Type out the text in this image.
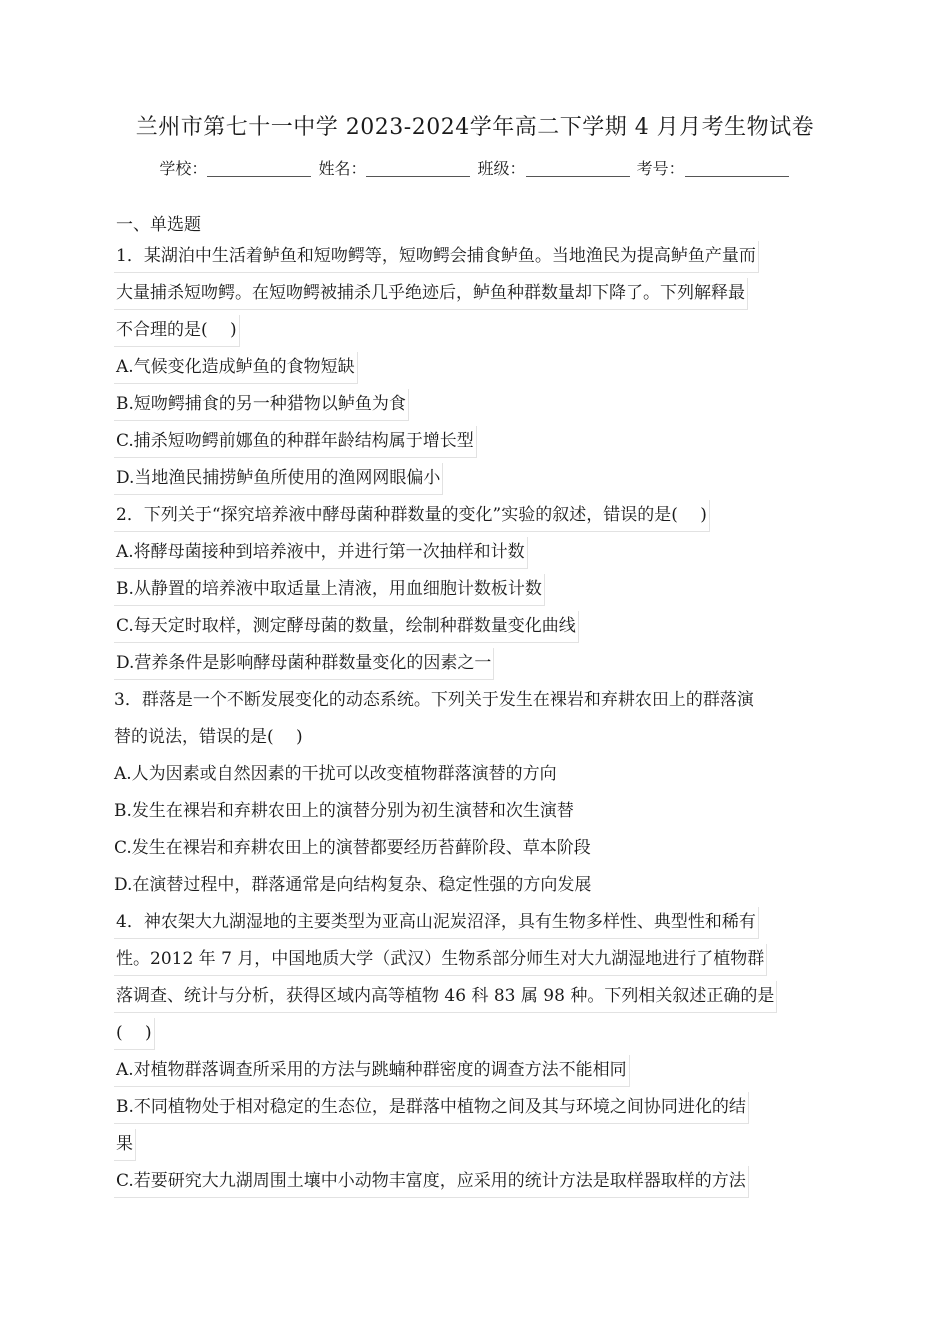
兰州市第七十一中学 2023-2024学年高二下学期 4 月月考生物试卷
学校：	姓名：	班级：	考号：
一、单选题
1．某湖泊中生活着鲈鱼和短吻鳄等，短吻鳄会捕食鲈鱼。当地渔民为提高鲈鱼产量而
大量捕杀短吻鳄。在短吻鳄被捕杀几乎绝迹后，鲈鱼种群数量却下降了。下列解释最
不合理的是(　 )
A.气候变化造成鲈鱼的食物短缺
B.短吻鳄捕食的另一种猎物以鲈鱼为食
C.捕杀短吻鳄前娜鱼的种群年龄结构属于增长型
D.当地渔民捕捞鲈鱼所使用的渔网网眼偏小
2．下列关于“探究培养液中酵母菌种群数量的变化”实验的叙述，错误的是(　 )
A.将酵母菌接种到培养液中，并进行第一次抽样和计数
B.从静置的培养液中取适量上清液，用血细胞计数板计数
C.每天定时取样，测定酵母菌的数量，绘制种群数量变化曲线
D.营养条件是影响酵母菌种群数量变化的因素之一
3．群落是一个不断发展变化的动态系统。下列关于发生在裸岩和弃耕农田上的群落演
替的说法，错误的是(　 )
A.人为因素或自然因素的干扰可以改变植物群落演替的方向
B.发生在裸岩和弃耕农田上的演替分别为初生演替和次生演替
C.发生在裸岩和弃耕农田上的演替都要经历苔藓阶段、草本阶段
D.在演替过程中，群落通常是向结构复杂、稳定性强的方向发展
4．神农架大九湖湿地的主要类型为亚高山泥炭沼泽，具有生物多样性、典型性和稀有
性。2012 年 7 月，中国地质大学（武汉）生物系部分师生对大九湖湿地进行了植物群
落调查、统计与分析，获得区域内高等植物 46 科 83 属 98 种。下列相关叙述正确的是
(　 )
A.对植物群落调查所采用的方法与跳蝻种群密度的调查方法不能相同
B.不同植物处于相对稳定的生态位，是群落中植物之间及其与环境之间协同进化的结
果
C.若要研究大九湖周围土壤中小动物丰富度，应采用的统计方法是取样器取样的方法
